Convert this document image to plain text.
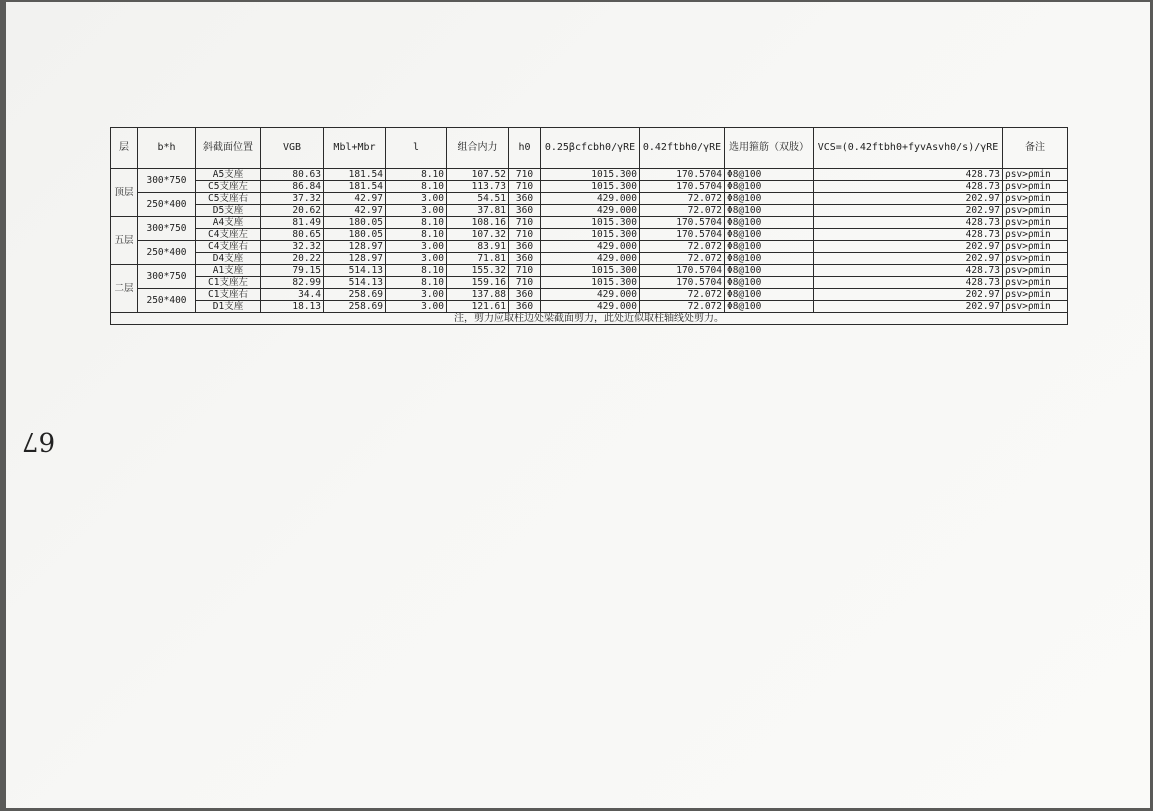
层	b*h	斜截面位置	VGB	Mbl+Mbr	l	组合内力	h0	0.25βcfcbh0/γRE	0.42ftbh0/γRE	选用箍筋（双肢）	VCS=(0.42ftbh0+fyvAsvh0/s)/γRE	备注
顶层	300*750	A5支座	80.63	181.54	8.10	107.52	710	1015.300	170.5704	Φ8@100	428.73	ρsv>ρmin
		C5支座左	86.84	181.54	8.10	113.73	710	1015.300	170.5704	Φ8@100	428.73	ρsv>ρmin
	250*400	C5支座右	37.32	42.97	3.00	54.51	360	429.000	72.072	Φ8@100	202.97	ρsv>ρmin
		D5支座	20.62	42.97	3.00	37.81	360	429.000	72.072	Φ8@100	202.97	ρsv>ρmin
五层	300*750	A4支座	81.49	180.05	8.10	108.16	710	1015.300	170.5704	Φ8@100	428.73	ρsv>ρmin
		C4支座左	80.65	180.05	8.10	107.32	710	1015.300	170.5704	Φ8@100	428.73	ρsv>ρmin
	250*400	C4支座右	32.32	128.97	3.00	83.91	360	429.000	72.072	Φ8@100	202.97	ρsv>ρmin
		D4支座	20.22	128.97	3.00	71.81	360	429.000	72.072	Φ8@100	202.97	ρsv>ρmin
二层	300*750	A1支座	79.15	514.13	8.10	155.32	710	1015.300	170.5704	Φ8@100	428.73	ρsv>ρmin
		C1支座左	82.99	514.13	8.10	159.16	710	1015.300	170.5704	Φ8@100	428.73	ρsv>ρmin
	250*400	C1支座右	34.4	258.69	3.00	137.88	360	429.000	72.072	Φ8@100	202.97	ρsv>ρmin
		D1支座	18.13	258.69	3.00	121.61	360	429.000	72.072	Φ8@100	202.97	ρsv>ρmin
注，剪力应取柱边处梁截面剪力，此处近似取柱轴线处剪力。												
67
